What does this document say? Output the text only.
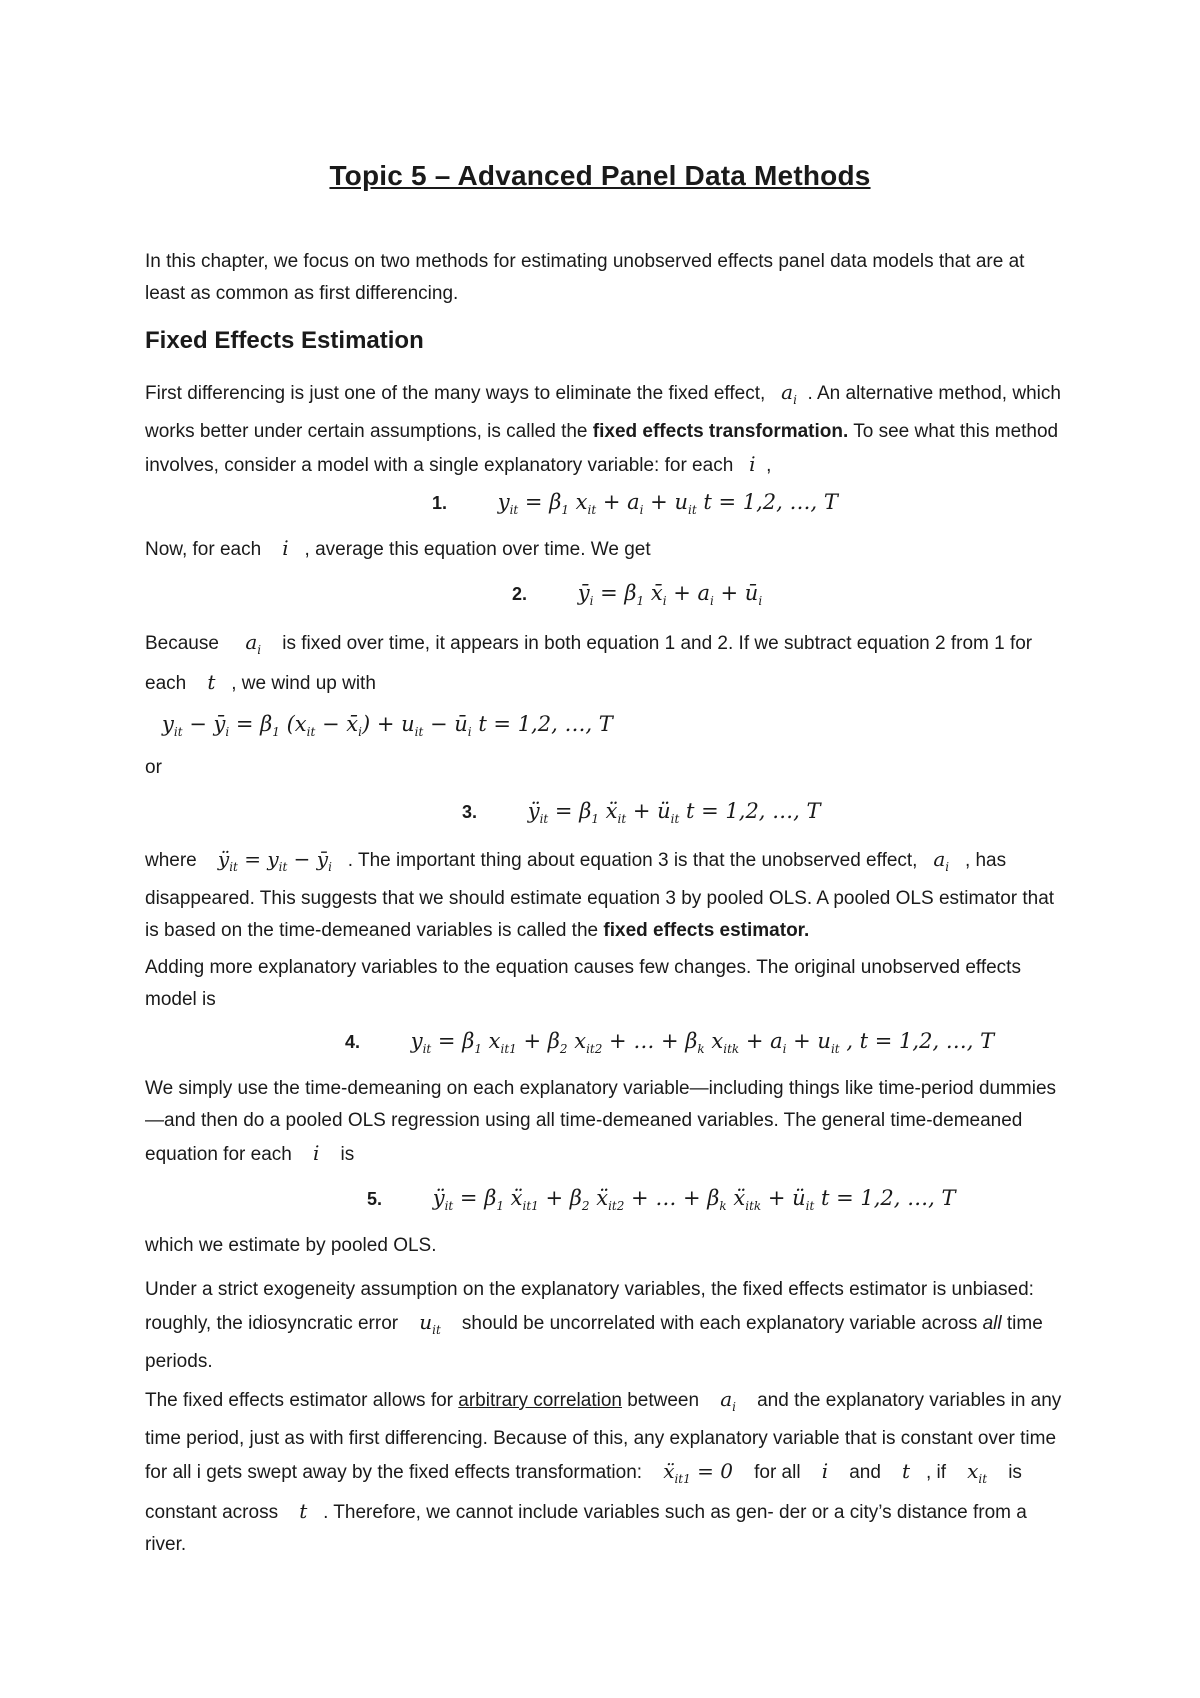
Topic 5 – Advanced Panel Data Methods
In this chapter, we focus on two methods for estimating unobserved effects panel data models that are at least as common as first differencing.
Fixed Effects Estimation
First differencing is just one of the many ways to eliminate the fixed effect, $a_i$ . An alternative method, which works better under certain assumptions, is called the fixed effects transformation. To see what this method involves, consider a model with a single explanatory variable: for each i ,
1. $y_{it} = \beta_1$ $x_{it} + a_i + u_{it}$ t = 1,2, …, T
Now, for each i , average this equation over time. We get
2. $ȳ_i = \beta_1$ $x̄_i + a_i$ + $ū_i$
Because $a_i$ is fixed over time, it appears in both equation 1 and 2. If we subtract equation 2 from 1 for each t , we wind up with
$y_{it}$ − $ȳ_i = \beta_1$ ($x_{it}$ − $x̄_i) + u_{it}$ − $ū_i$ t = 1,2, …, T
or
3. $ÿ_{it} = \beta_1$ ẍ$_{it}$ + $ü_{it}$ t = 1,2, …, T
where $ÿ_{it} = y_{it}$ − $ȳ_i$ . The important thing about equation 3 is that the unobserved effect, $a_i$ , has disappeared. This suggests that we should estimate equation 3 by pooled OLS. A pooled OLS estimator that is based on the time-demeaned variables is called the fixed effects estimator.
Adding more explanatory variables to the equation causes few changes. The original unobserved effects model is
4. $y_{it} = \beta_1$ $x_{it1} + \beta_2$ $x_{it2}$ + … + $\beta_k$ $x_{itk} + a_i + u_{it}$ , t = 1,2, …, T
We simply use the time-demeaning on each explanatory variable—including things like time-period dummies—and then do a pooled OLS regression using all time-demeaned variables. The general time-demeaned equation for each i is
5. $ÿ_{it} = \beta_1$ ẍ$_{it1}$ + $\beta_2$ ẍ$_{it2}$ + … + $\beta_k$ ẍ$_{itk}$ + $ü_{it}$ t = 1,2, …, T
which we estimate by pooled OLS.
Under a strict exogeneity assumption on the explanatory variables, the fixed effects estimator is unbiased: roughly, the idiosyncratic error $u_{it}$ should be uncorrelated with each explanatory variable across all time periods.
The fixed effects estimator allows for arbitrary correlation between $a_i$ and the explanatory variables in any time period, just as with first differencing. Because of this, any explanatory variable that is constant over time for all i gets swept away by the fixed effects transformation: ẍ$_{it1}$ = 0 for all i and t , if $x_{it}$ is constant across t . Therefore, we cannot include variables such as gen- der or a city’s distance from a river.
